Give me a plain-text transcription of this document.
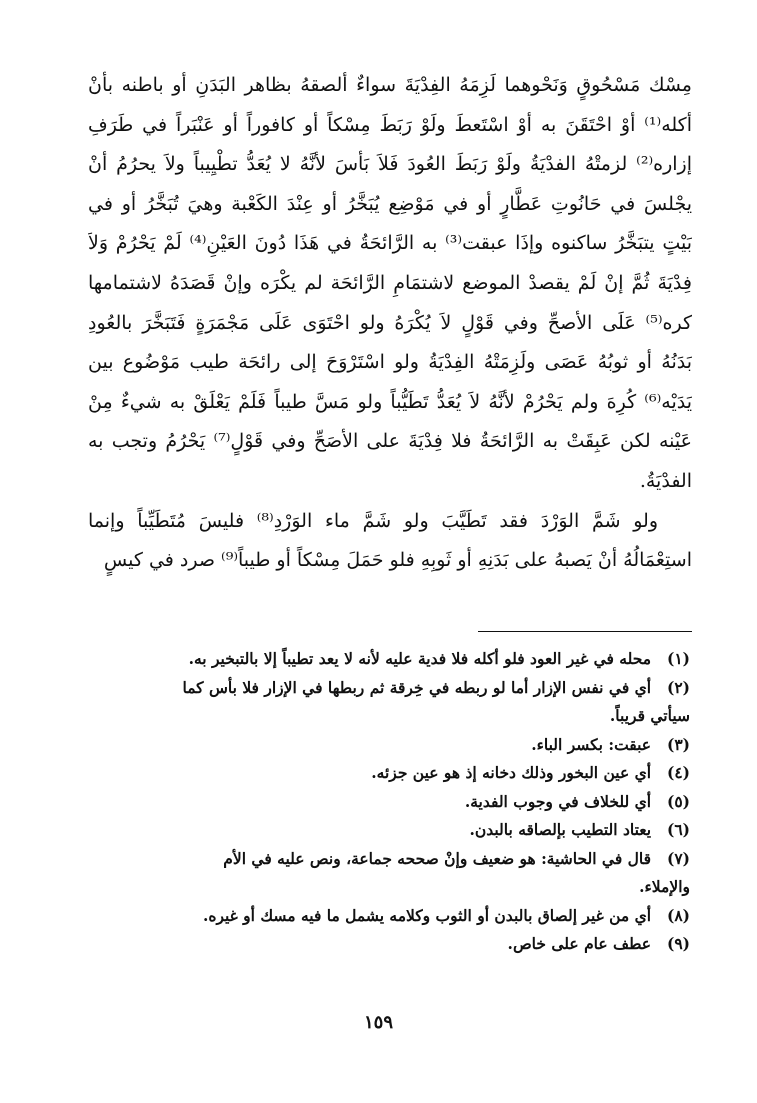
مِسْك مَسْحُوقٍ وَنَحْوهما لَزِمَهُ الفِدْيَةَ سواءٌ ألصقهُ بظاهر البَدَنِ أو باطنه بأنْ
أكله⁽¹⁾ أوْ احْتَقَنَ به أوْ اسْتَعطَ ولَوْ رَبَطَ مِسْكاً أو كافوراً أو عَنْبَراً في طَرَفِ
إزاره⁽²⁾ لزمتْهُ الفدْيَةُ ولَوْ رَبَطَ العُودَ فَلاَ بَأسَ لأنَّهُ لا يُعَدُّ تطْيِيباً ولاَ يحرُمُ أنْ
يجْلسَ في حَانُوتِ عَطَّارٍ أو في مَوْضِع يُبَخَّرُ أو عِنْدَ الكَعْبة وهيَ تُبَخَّرُ أو في
بَيْتٍ يتبَخَّرُ ساكنوه وإذَا عبقت⁽³⁾ به الرَّائحَةُ في هَذَا دُونَ العَيْنِ⁽⁴⁾ لَمْ يَحْرُمْ وَلاَ
فِدْيَةَ ثُمَّ إنْ لَمْ يقصدْ الموضع لاشتمَامِ الرَّائحَة لم يكْرَه وإنْ قَصَدَهُ لاشتمامها
كره⁽⁵⁾ عَلَى الأصحِّ وفي قَوْلٍ لاَ يُكْرَهُ ولو احْتَوَى عَلَى مَجْمَرَةٍ فَتَبَخَّرَ بالعُودِ
بَدَنُهُ أو ثوبُهُ عَصَى ولَزِمَتْهُ الفِدْيَةُ ولو اسْتَرْوَحَ إلى رائحَة طيب مَوْضُوع بين
يَدَيْه⁽⁶⁾ كُرِهَ ولم يَحْرُمْ لأنَّهُ لاَ يُعَدُّ تَطَيُّباً ولو مَسَّ طيباً فَلَمْ يَعْلَقْ به شيءٌ مِنْ
عَيْنه لكن عَبِقَتْ به الرَّائحَةُ فلا فِدْيَةَ على الأصَحِّ وفي قَوْلٍ⁽⁷⁾ يَحْرُمُ وتجب به
الفدْيَةُ.
ولو شَمَّ الوَرْدَ فقد تَطَيَّبَ ولو شَمَّ ماء الوَرْدِ⁽⁸⁾ فليسَ مُتَطَيِّباً وإنما
استِعْمَالُهُ أنْ يَصبهُ على بَدَنِهِ أو ثَوبِهِ فلو حَمَلَ مِسْكاً أو طيباً⁽⁹⁾ صرد في كيسٍ
(١) محله في غير العود فلو أكله فلا فدية عليه لأنه لا يعد تطيباً إلا بالتبخير به.
(٢) أي في نفس الإزار أما لو ربطه في خِرقة ثم ربطها في الإزار فلا بأس كما
سيأتي قريباً.
(٣) عبقت: بكسر الباء.
(٤) أي عين البخور وذلك دخانه إذ هو عين جزئه.
(٥) أي للخلاف في وجوب الفدية.
(٦) يعتاد التطيب بإلصاقه بالبدن.
(٧) قال في الحاشية: هو ضعيف وإنْ صححه جماعة، ونص عليه في الأم
والإملاء.
(٨) أي من غير إلصاق بالبدن أو الثوب وكلامه يشمل ما فيه مسك أو غيره.
(٩) عطف عام على خاص.
١٥٩
